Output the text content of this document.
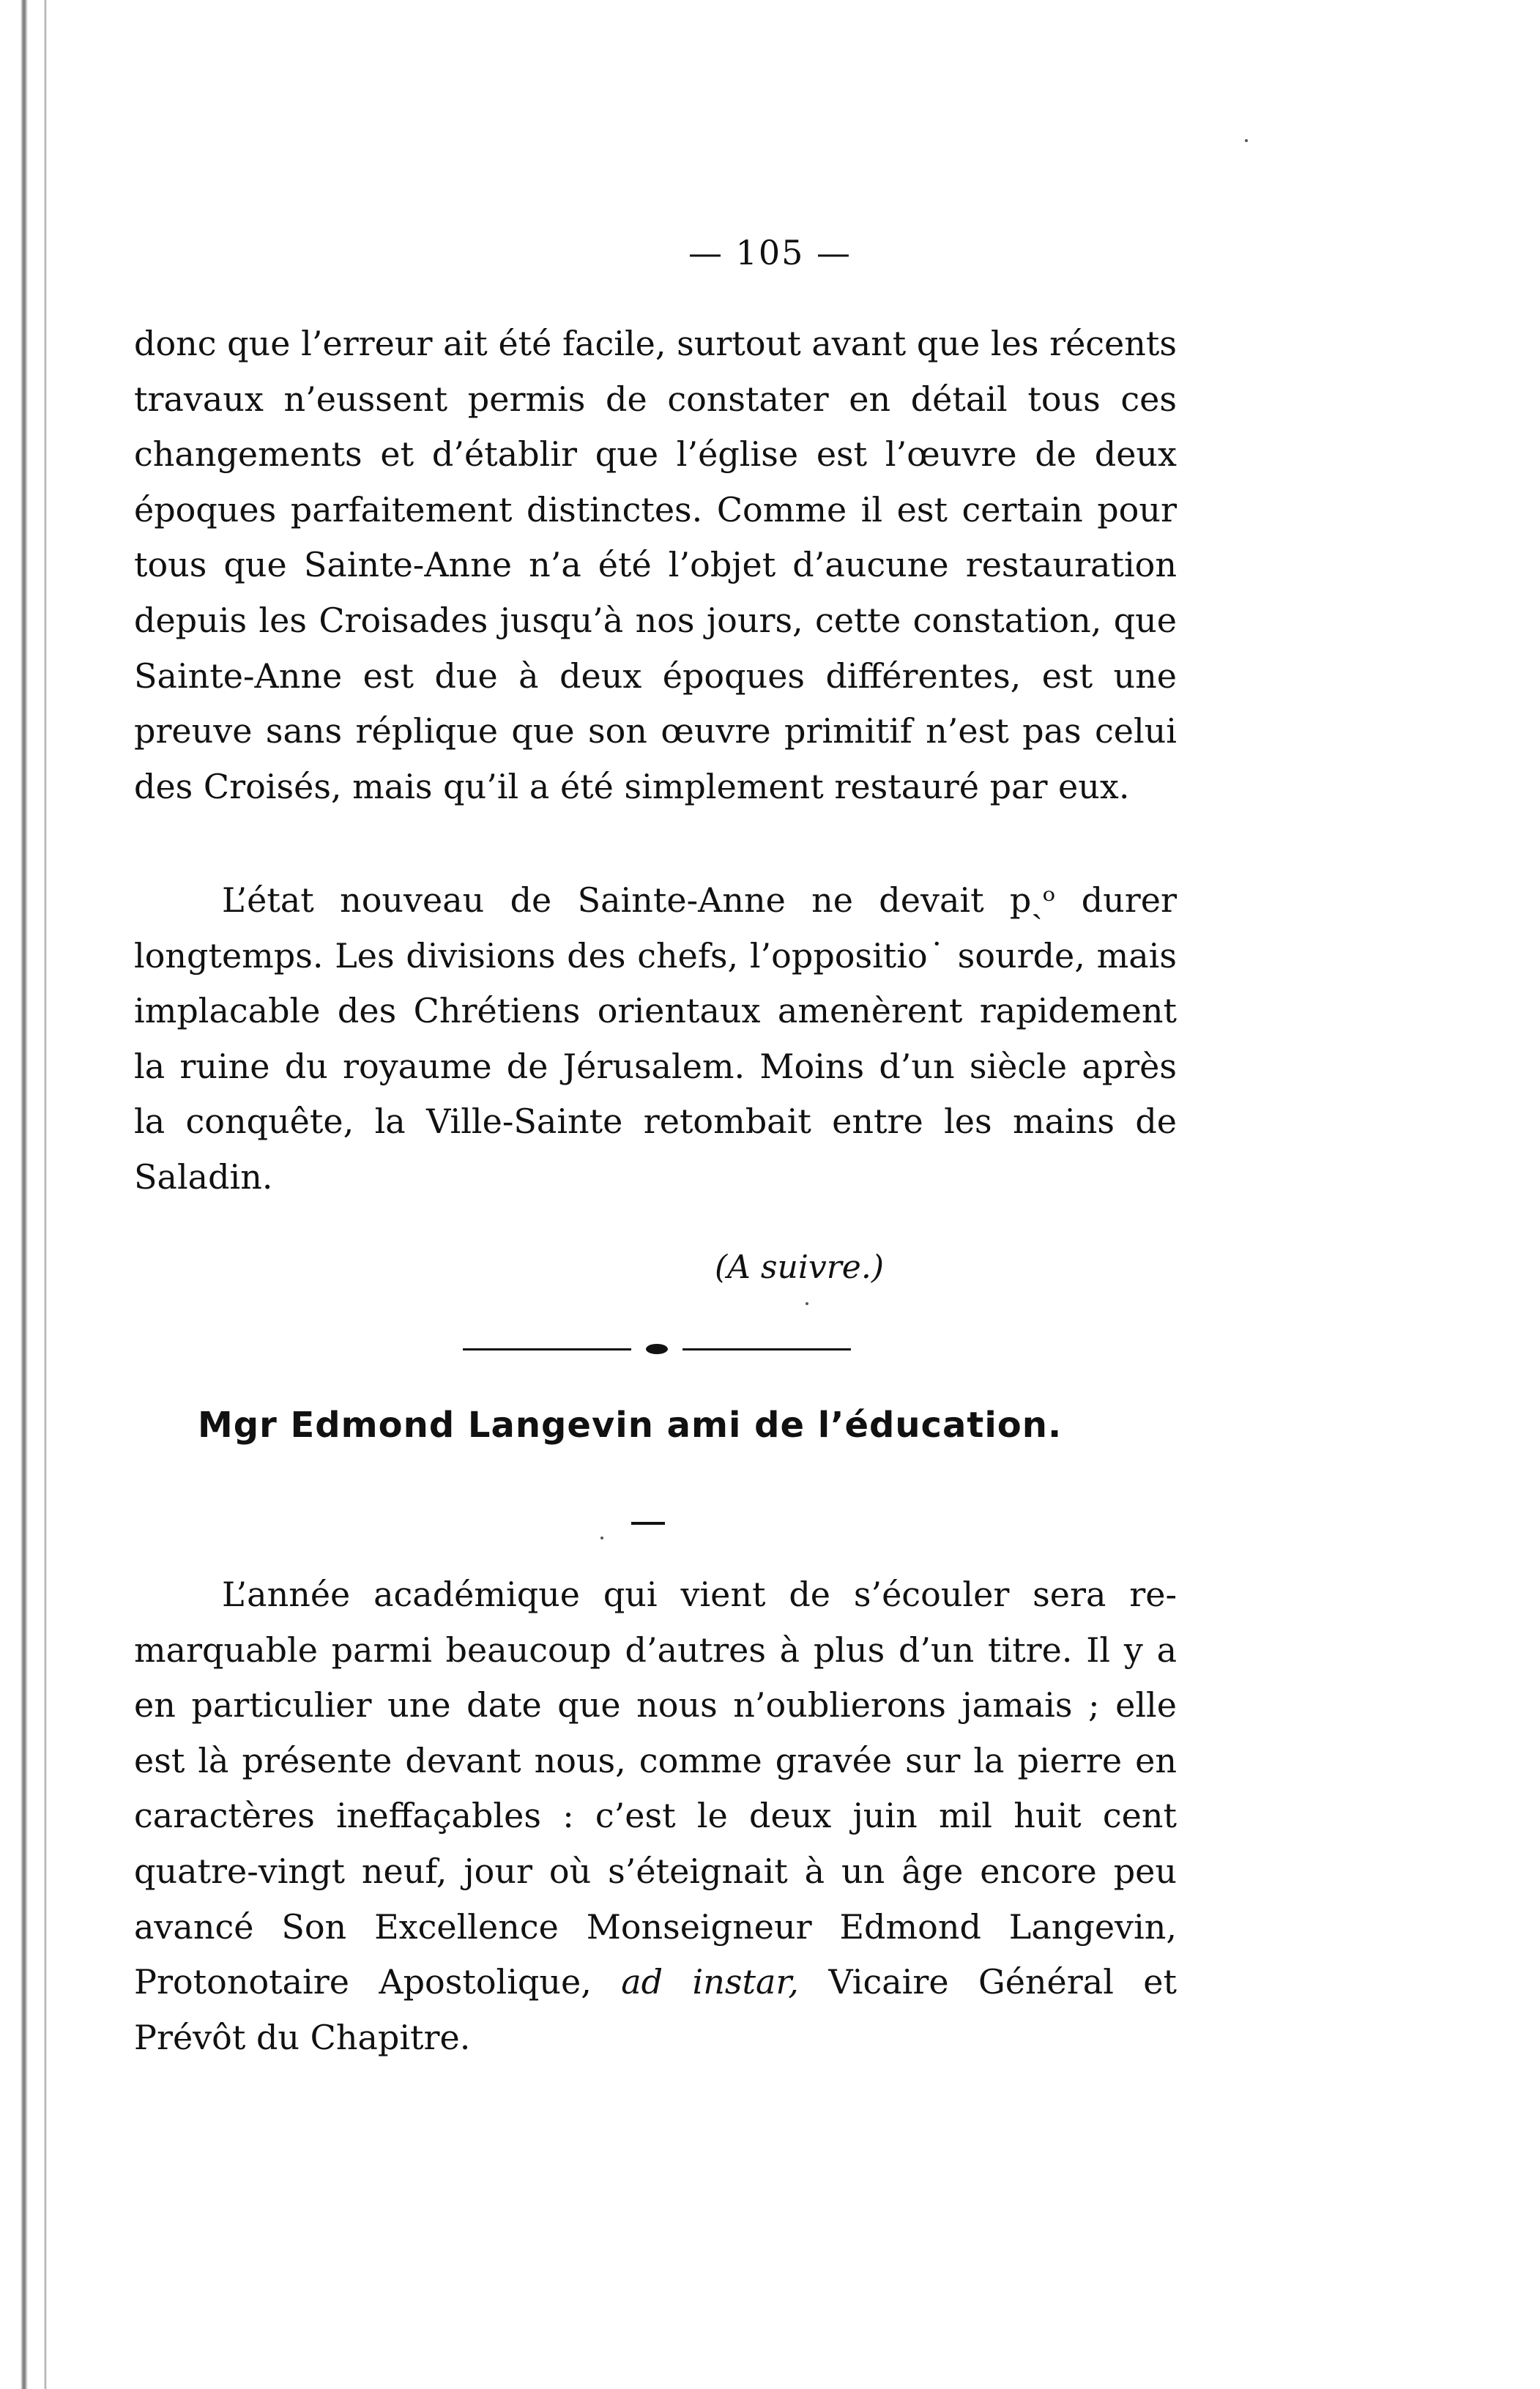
— 105 —

donc que l’erreur ait été facile, surtout avant que les récents travaux n’eussent permis de constater en détail tous ces changements et d’établir que l’église est l’œuvre de deux époques parfaitement distinctes. Comme il est certain pour tous que Sainte-Anne n’a été l’objet d’aucune restauration depuis les Croisades jusqu’à nos jours, cette constation, que Sainte-Anne est due à deux époques différentes, est une preuve sans réplique que son œuvre primitif n’est pas celui des Croisés, mais qu’il a été simplement restauré par eux.

L’état nouveau de Sainte-Anne ne devait pˎᵒ durer longtemps. Les divisions des chefs, l’oppositio˙ sourde, mais implacable des Chrétiens orientaux amenèrent rapidement la ruine du royaume de Jérusalem. Moins d’un siècle après la conquête, la Ville-Sainte retombait entre les mains de Saladin.

(A suivre.)
Mgr Edmond Langevin ami de l’éducation.

L’année académique qui vient de s’écouler sera remarquable parmi beaucoup d’autres à plus d’un titre. Il y a en particulier une date que nous n’oublierons jamais ; elle est là présente devant nous, comme gravée sur la pierre en caractères ineffaçables : c’est le deux juin mil huit cent quatre-vingt neuf, jour où s’éteignait à un âge encore peu avancé Son Excellence Monseigneur Edmond Langevin, Protonotaire Apostolique, ad instar, Vicaire Général et Prévôt du Chapitre.
